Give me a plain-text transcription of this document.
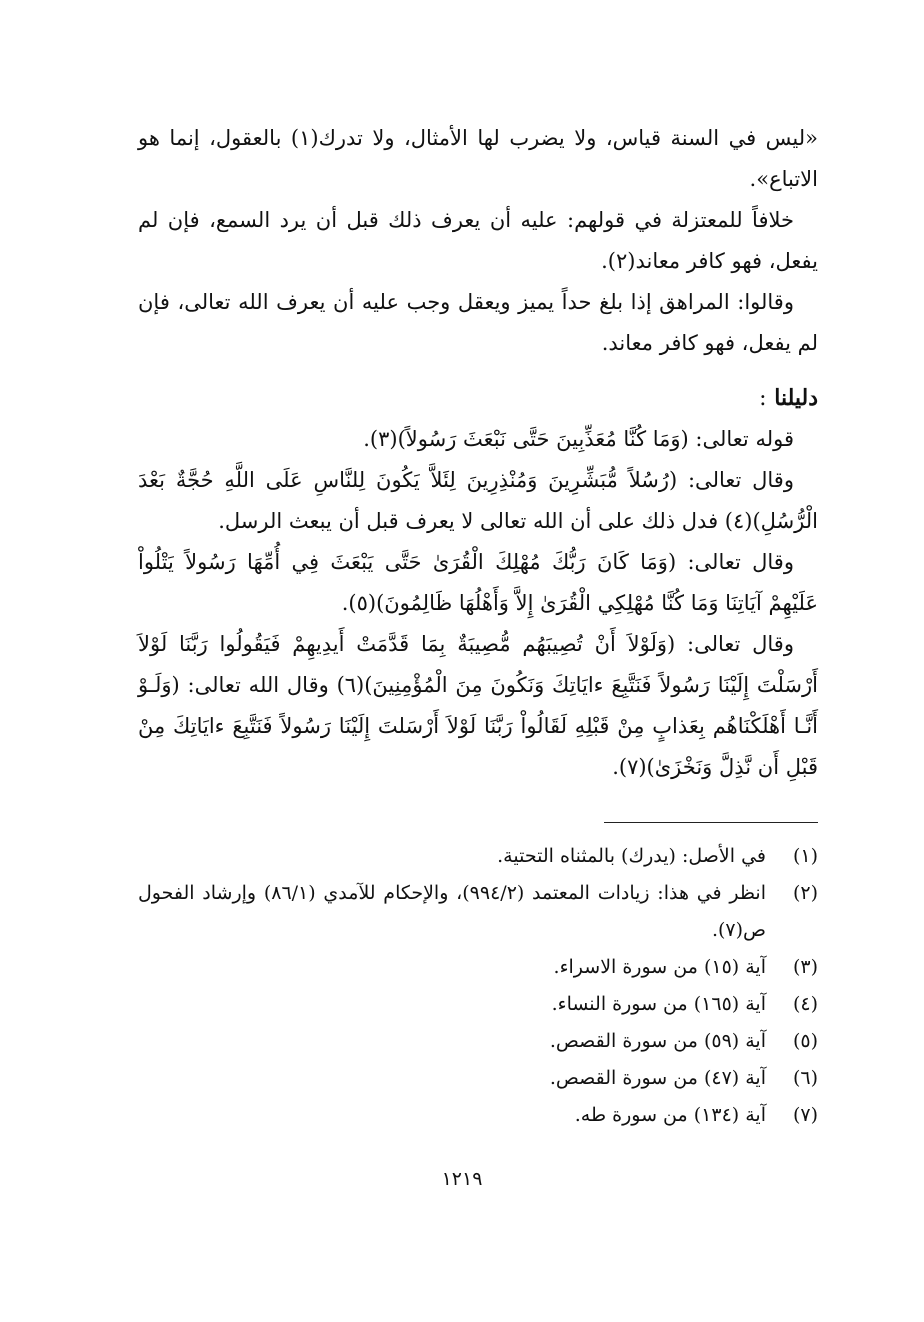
«ليس في السنة قياس، ولا يضرب لها الأمثال، ولا تدرك(١) بالعقول، إنما هو الاتباع».

خلافاً للمعتزلة في قولهم: عليه أن يعرف ذلك قبل أن يرد السمع، فإن لم يفعل، فهو كافر معاند(٢).

وقالوا: المراهق إذا بلغ حداً يميز ويعقل وجب عليه أن يعرف الله تعالى، فإن لم يفعل، فهو كافر معاند.

دليلنا :

قوله تعالى: (وَمَا كُنَّا مُعَذِّبِينَ حَتَّى نَبْعَثَ رَسُولاً)(٣).

وقال تعالى: (رُسُلاً مُّبَشِّرِينَ وَمُنْذِرِينَ لِئَلاَّ يَكُونَ لِلنَّاسِ عَلَى اللَّهِ حُجَّةٌ بَعْدَ الْرُّسُلِ)(٤) فدل ذلك على أن الله تعالى لا يعرف قبل أن يبعث الرسل.

وقال تعالى: (وَمَا كَانَ رَبُّكَ مُهْلِكَ الْقُرَىٰ حَتَّى يَبْعَثَ فِي أُمِّهَا رَسُولاً يَتْلُواْ عَلَيْهِمْ آيَاتِنَا وَمَا كُنَّا مُهْلِكِي الْقُرَىٰ إِلاَّ وَأَهْلُهَا ظَالِمُونَ)(٥).

وقال تعالى: (وَلَوْلاَ أَنْ تُصِيبَهُم مُّصِيبَةٌ بِمَا قَدَّمَتْ أَيدِيهِمْ فَيَقُولُوا رَبَّنَا لَوْلاَ أَرْسَلْتَ إِلَيْنَا رَسُولاً فَنَتَّبِعَ ءايَاتِكَ وَنَكُونَ مِنَ الْمُؤْمِنِينَ)(٦) وقال الله تعالى: (وَلَـوْ أَنَّـا أَهْلَكْنَاهُم بِعَذابٍ مِنْ قَبْلِهِ لَقَالُواْ رَبَّنَا لَوْلاَ أَرْسَلتَ إِلَيْنَا رَسُولاً فَنَتَّبِعَ ءايَاتِكَ مِنْ قَبْلِ أَن نَّذِلَّ وَنَخْزَىٰ)(٧).

(١)
في الأصل: (يدرك) بالمثناه التحتية.
(٢)
انظر في هذا: زيادات المعتمد (٩٩٤/٢)، والإحكام للآمدي (٨٦/١) وإرشاد الفحول ص(٧).
(٣)
آية (١٥) من سورة الاسراء.
(٤)
آية (١٦٥) من سورة النساء.
(٥)
آية (٥٩) من سورة القصص.
(٦)
آية (٤٧) من سورة القصص.
(٧)
آية (١٣٤) من سورة طه.
١٢١٩
